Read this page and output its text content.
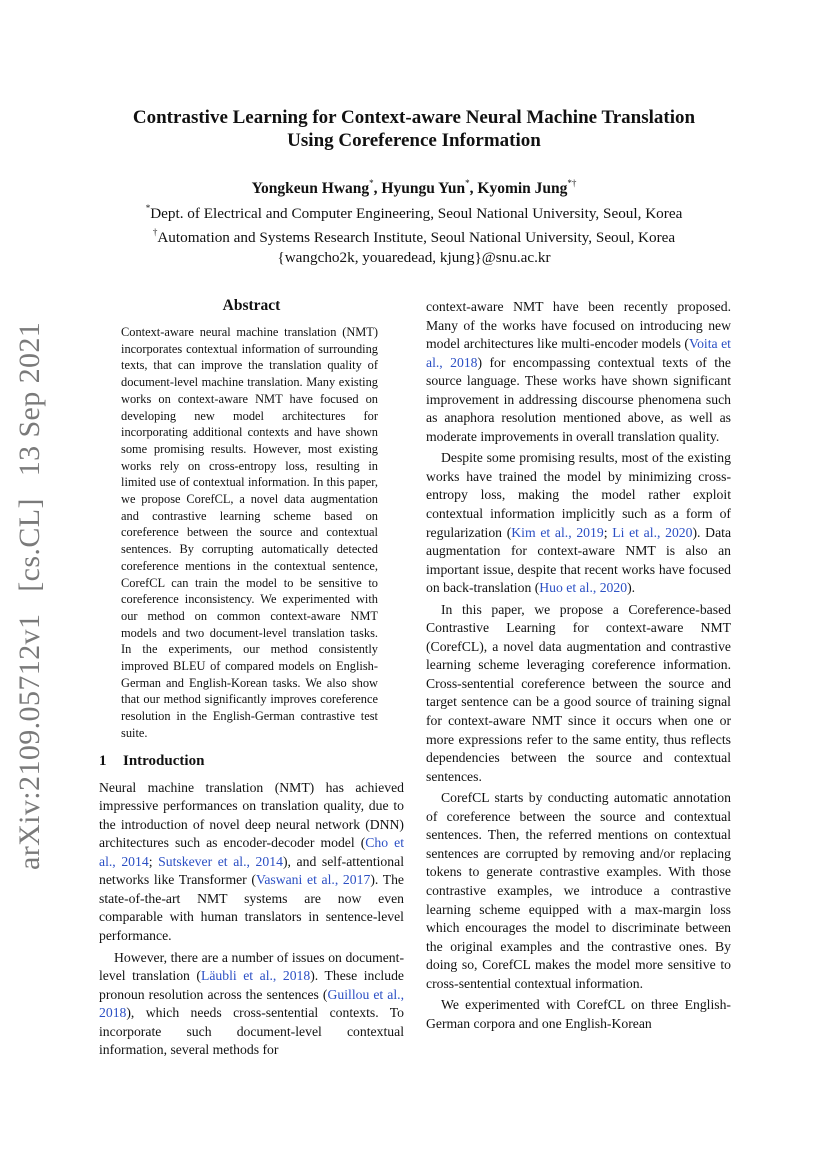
Contrastive Learning for Context-aware Neural Machine Translation
Using Coreference Information
Yongkeun Hwang*, Hyungu Yun*, Kyomin Jung*†
*Dept. of Electrical and Computer Engineering, Seoul National University, Seoul, Korea
†Automation and Systems Research Institute, Seoul National University, Seoul, Korea
{wangcho2k, youaredead, kjung}@snu.ac.kr
arXiv:2109.05712v1 [cs.CL] 13 Sep 2021
Abstract

Context-aware neural machine translation (NMT) incorporates contextual information of surrounding texts, that can improve the translation quality of document-level machine translation. Many existing works on context-aware NMT have focused on developing new model architectures for incorporating additional contexts and have shown some promising results. However, most existing works rely on cross-entropy loss, resulting in limited use of contextual information. In this paper, we propose CorefCL, a novel data augmentation and contrastive learning scheme based on coreference between the source and contextual sentences. By corrupting automatically detected coreference mentions in the contextual sentence, CorefCL can train the model to be sensitive to coreference inconsistency. We experimented with our method on common context-aware NMT models and two document-level translation tasks. In the experiments, our method consistently improved BLEU of compared models on English-German and English-Korean tasks. We also show that our method significantly improves coreference resolution in the English-German contrastive test suite.

1 Introduction

Neural machine translation (NMT) has achieved impressive performances on translation quality, due to the introduction of novel deep neural network (DNN) architectures such as encoder-decoder model (Cho et al., 2014; Sutskever et al., 2014), and self-attentional networks like Transformer (Vaswani et al., 2017). The state-of-the-art NMT systems are now even comparable with human translators in sentence-level performance.

However, there are a number of issues on document-level translation (Läubli et al., 2018). These include pronoun resolution across the sentences (Guillou et al., 2018), which needs cross-sentential contexts. To incorporate such document-level contextual information, several methods for

context-aware NMT have been recently proposed. Many of the works have focused on introducing new model architectures like multi-encoder models (Voita et al., 2018) for encompassing contextual texts of the source language. These works have shown significant improvement in addressing discourse phenomena such as anaphora resolution mentioned above, as well as moderate improvements in overall translation quality.

Despite some promising results, most of the existing works have trained the model by minimizing cross-entropy loss, making the model rather exploit contextual information implicitly such as a form of regularization (Kim et al., 2019; Li et al., 2020). Data augmentation for context-aware NMT is also an important issue, despite that recent works have focused on back-translation (Huo et al., 2020).

In this paper, we propose a Coreference-based Contrastive Learning for context-aware NMT (CorefCL), a novel data augmentation and contrastive learning scheme leveraging coreference information. Cross-sentential coreference between the source and target sentence can be a good source of training signal for context-aware NMT since it occurs when one or more expressions refer to the same entity, thus reflects dependencies between the source and contextual sentences.

CorefCL starts by conducting automatic annotation of coreference between the source and contextual sentences. Then, the referred mentions on contextual sentences are corrupted by removing and/or replacing tokens to generate contrastive examples. With those contrastive examples, we introduce a contrastive learning scheme equipped with a max-margin loss which encourages the model to discriminate between the original examples and the contrastive ones. By doing so, CorefCL makes the model more sensitive to cross-sentential contextual information.

We experimented with CorefCL on three English-German corpora and one English-Korean
